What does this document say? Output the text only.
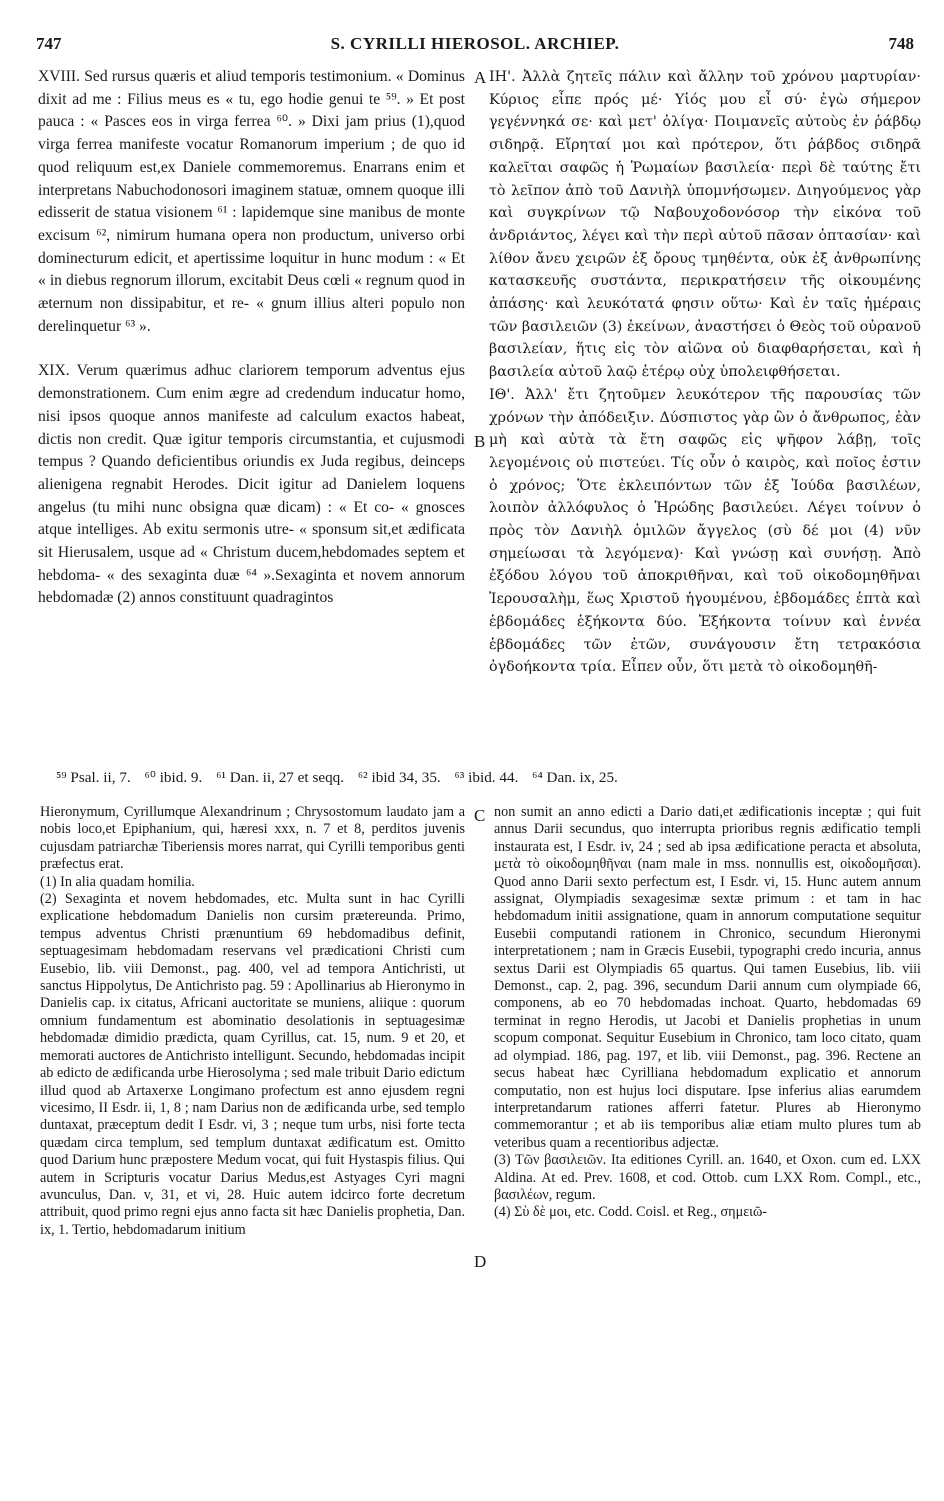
747	S. CYRILLI HIEROSOL. ARCHIEP.	748
A
B
C
D

XVIII. Sed rursus quæris et aliud temporis testimonium. « Dominus dixit ad me : Filius meus es « tu, ego hodie genui te ⁵⁹. » Et post pauca : « Pasces eos in virga ferrea ⁶⁰. » Dixi jam prius (1),quod virga ferrea manifeste vocatur Romanorum imperium ; de quo id quod reliquum est,ex Daniele commemoremus. Enarrans enim et interpretans Nabuchodonosori imaginem statuæ, omnem quoque illi edisserit de statua visionem ⁶¹ : lapidemque sine manibus de monte excisum ⁶², nimirum humana opera non productum, universo orbi dominecturum edicit, et apertissime loquitur in hunc modum : « Et « in diebus regnorum illorum, excitabit Deus cœli « regnum quod in æternum non dissipabitur, et re- « gnum illius alteri populo non derelinquetur ⁶³ ».

XIX. Verum quærimus adhuc clariorem temporum adventus ejus demonstrationem. Cum enim ægre ad credendum inducatur homo, nisi ipsos quoque annos manifeste ad calculum exactos habeat, dictis non credit. Quæ igitur temporis circumstantia, et cujusmodi tempus ? Quando deficientibus oriundis ex Juda regibus, deinceps alienigena regnabit Herodes. Dicit igitur ad Danielem loquens angelus (tu mihi nunc obsigna quæ dicam) : « Et co- « gnosces atque intelliges. Ab exitu sermonis utre- « sponsum sit,et ædificata sit Hierusalem, usque ad « Christum ducem,hebdomades septem et hebdoma- « des sexaginta duæ ⁶⁴ ».Sexaginta et novem annorum hebdomadæ (2) annos constituunt quadragintos

ΙΗ'. Ἀλλὰ ζητεῖς πάλιν καὶ ἄλλην τοῦ χρόνου μαρτυρίαν· Κύριος εἶπε πρός μέ· Υἱός μου εἶ σύ· ἐγὼ σήμερον γεγέννηκά σε· καὶ μετ' ὀλίγα· Ποιμανεῖς αὐτοὺς ἐν ῥάβδῳ σιδηρᾷ. Εἴρηταί μοι καὶ πρότερον, ὅτι ῥάβδος σιδηρᾶ καλεῖται σαφῶς ἡ Ῥωμαίων βασιλεία· περὶ δὲ ταύτης ἔτι τὸ λεῖπον ἀπὸ τοῦ Δανιὴλ ὑπομνήσωμεν. Διηγούμενος γὰρ καὶ συγκρίνων τῷ Ναβουχοδονόσορ τὴν εἰκόνα τοῦ ἀνδριάντος, λέγει καὶ τὴν περὶ αὐτοῦ πᾶσαν ὀπτασίαν· καὶ λίθον ἄνευ χειρῶν ἐξ ὄρους τμηθέντα, οὐκ ἐξ ἀνθρωπίνης κατασκευῆς συστάντα, περικρατήσειν τῆς οἰκουμένης ἁπάσης· καὶ λευκότατά φησιν οὕτω· Καὶ ἐν ταῖς ἡμέραις τῶν βασιλειῶν (3) ἐκείνων, ἀναστήσει ὁ Θεὸς τοῦ οὐρανοῦ βασιλείαν, ἥτις εἰς τὸν αἰῶνα οὐ διαφθαρήσεται, καὶ ἡ βασιλεία αὐτοῦ λαῷ ἑτέρῳ οὐχ ὑπολειφθήσεται.

ΙΘ'. Ἀλλ' ἔτι ζητοῦμεν λευκότερον τῆς παρουσίας τῶν χρόνων τὴν ἀπόδειξιν. Δύσπιστος γὰρ ὢν ὁ ἄνθρωπος, ἐὰν μὴ καὶ αὐτὰ τὰ ἔτη σαφῶς εἰς ψῆφον λάβῃ, τοῖς λεγομένοις οὐ πιστεύει. Τίς οὖν ὁ καιρὸς, καὶ ποῖος ἐστιν ὁ χρόνος; Ὅτε ἐκλειπόντων τῶν ἐξ Ἰούδα βασιλέων, λοιπὸν ἀλλόφυλος ὁ Ἡρώδης βασιλεύει. Λέγει τοίνυν ὁ πρὸς τὸν Δανιὴλ ὁμιλῶν ἄγγελος (σὺ δέ μοι (4) νῦν σημείωσαι τὰ λεγόμενα)· Καὶ γνώσῃ καὶ συνήσῃ. Ἀπὸ ἐξόδου λόγου τοῦ ἀποκριθῆναι, καὶ τοῦ οἰκοδομηθῆναι Ἰερουσαλὴμ, ἕως Χριστοῦ ἡγουμένου, ἑβδομάδες ἑπτὰ καὶ ἑβδομάδες ἑξήκοντα δύο. Ἑξήκοντα τοίνυν καὶ ἐννέα ἑβδομάδες τῶν ἐτῶν, συνάγουσιν ἔτη τετρακόσια ὀγδοήκοντα τρία. Εἶπεν οὖν, ὅτι μετὰ τὸ οἰκοδομηθῆ-

⁵⁹ Psal. ii, 7. ⁶⁰ ibid. 9. ⁶¹ Dan. ii, 27 et seqq. ⁶² ibid 34, 35. ⁶³ ibid. 44. ⁶⁴ Dan. ix, 25.

Hieronymum, Cyrillumque Alexandrinum ; Chrysostomum laudato jam a nobis loco,et Epiphanium, qui, hæresi xxx, n. 7 et 8, perditos juvenis cujusdam patriarchæ Tiberiensis mores narrat, qui Cyrilli temporibus genti præfectus erat.

(1) In alia quadam homilia.

(2) Sexaginta et novem hebdomades, etc. Multa sunt in hac Cyrilli explicatione hebdomadum Danielis non cursim prætereunda. Primo, tempus adventus Christi prænuntium 69 hebdomadibus definit, septuagesimam hebdomadam reservans vel prædicationi Christi cum Eusebio, lib. viii Demonst., pag. 400, vel ad tempora Antichristi, ut sanctus Hippolytus, De Antichristo pag. 59 : Apollinarius ab Hieronymo in Danielis cap. ix citatus, Africani auctoritate se muniens, aliique : quorum omnium fundamentum est abominatio desolationis in septuagesimæ hebdomadæ dimidio prædicta, quam Cyrillus, cat. 15, num. 9 et 20, et memorati auctores de Antichristo intelligunt. Secundo, hebdomadas incipit ab edicto de ædificanda urbe Hierosolyma ; sed male tribuit Dario edictum illud quod ab Artaxerxe Longimano profectum est anno ejusdem regni vicesimo, II Esdr. ii, 1, 8 ; nam Darius non de ædificanda urbe, sed templo duntaxat, præceptum dedit I Esdr. vi, 3 ; neque tum urbs, nisi forte tecta quædam circa templum, sed templum duntaxat ædificatum est. Omitto quod Darium hunc præpostere Medum vocat, qui fuit Hystaspis filius. Qui autem in Scripturis vocatur Darius Medus,est Astyages Cyri magni avunculus, Dan. v, 31, et vi, 28. Huic autem idcirco forte decretum attribuit, quod primo regni ejus anno facta sit hæc Danielis prophetia, Dan. ix, 1. Tertio, hebdomadarum initium

non sumit an anno edicti a Dario dati,et ædificationis inceptæ ; qui fuit annus Darii secundus, quo interrupta prioribus regnis ædificatio templi instaurata est, I Esdr. iv, 24 ; sed ab ipsa ædificatione peracta et absoluta, μετὰ τὸ οἰκοδομηθῆναι (nam male in mss. nonnullis est, οἰκοδομῆσαι). Quod anno Darii sexto perfectum est, I Esdr. vi, 15. Hunc autem annum assignat, Olympiadis sexagesimæ sextæ primum : et tam in hac hebdomadum initii assignatione, quam in annorum computatione sequitur Eusebii computandi rationem in Chronico, secundum Hieronymi interpretationem ; nam in Græcis Eusebii, typographi credo incuria, annus sextus Darii est Olympiadis 65 quartus. Qui tamen Eusebius, lib. viii Demonst., cap. 2, pag. 396, secundum Darii annum cum olympiade 66, componens, ab eo 70 hebdomadas inchoat. Quarto, hebdomadas 69 terminat in regno Herodis, ut Jacobi et Danielis prophetias in unum scopum componat. Sequitur Eusebium in Chronico, tam loco citato, quam ad olympiad. 186, pag. 197, et lib. viii Demonst., pag. 396. Rectene an secus habeat hæc Cyrilliana hebdomadum explicatio et annorum computatio, non est hujus loci disputare. Ipse inferius alias earumdem interpretandarum rationes afferri fatetur. Plures ab Hieronymo commemorantur ; et ab iis temporibus aliæ etiam multo plures tum ab veteribus quam a recentioribus adjectæ.

(3) Τῶν βασιλειῶν. Ita editiones Cyrill. an. 1640, et Oxon. cum ed. LXX Aldina. At ed. Prev. 1608, et cod. Ottob. cum LXX Rom. Compl., etc., βασιλέων, regum.

(4) Σὺ δὲ μοι, etc. Codd. Coisl. et Reg., σημειῶ-
